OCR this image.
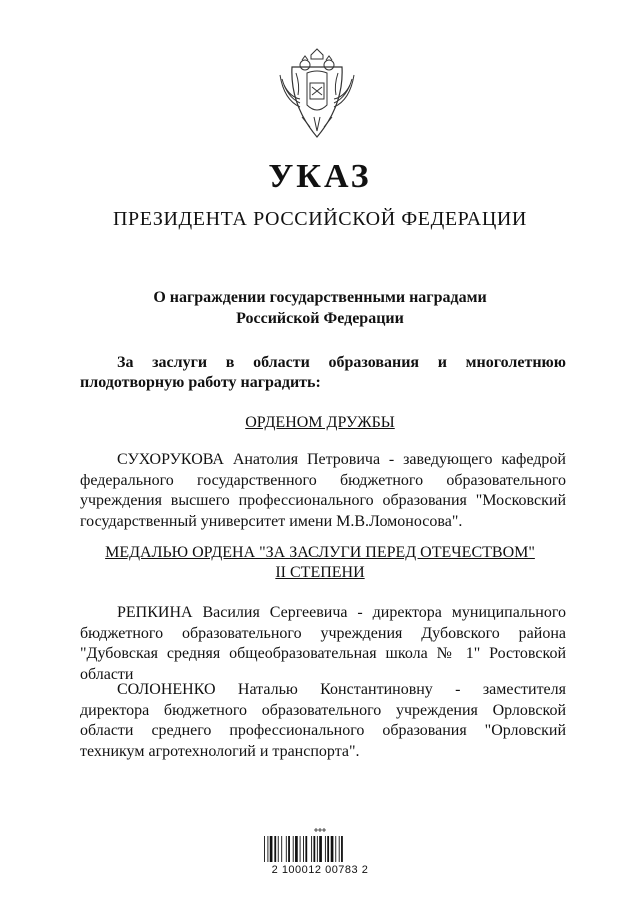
УКАЗ
ПРЕЗИДЕНТА РОССИЙСКОЙ ФЕДЕРАЦИИ
О награждении государственными наградами
Российской Федерации
За заслуги в области образования и многолетнюю
плодотворную работу наградить:
ОРДЕНОМ ДРУЖБЫ
СУХОРУКОВА Анатолия Петровича - заведующего кафедрой
федерального государственного бюджетного образовательного
учреждения высшего профессионального образования "Московский
государственный университет имени М.В.Ломоносова".
МЕДАЛЬЮ ОРДЕНА "ЗА ЗАСЛУГИ ПЕРЕД ОТЕЧЕСТВОМ"
II СТЕПЕНИ
РЕПКИНА Василия Сергеевича - директора муниципального
бюджетного образовательного учреждения Дубовского района
"Дубовская средняя общеобразовательная школа № 1" Ростовской
области
СОЛОНЕНКО Наталью Константиновну - заместителя
директора бюджетного образовательного учреждения Орловской
области среднего профессионального образования "Орловский
техникум агротехнологий и транспорта".
2 100012 00783 2
